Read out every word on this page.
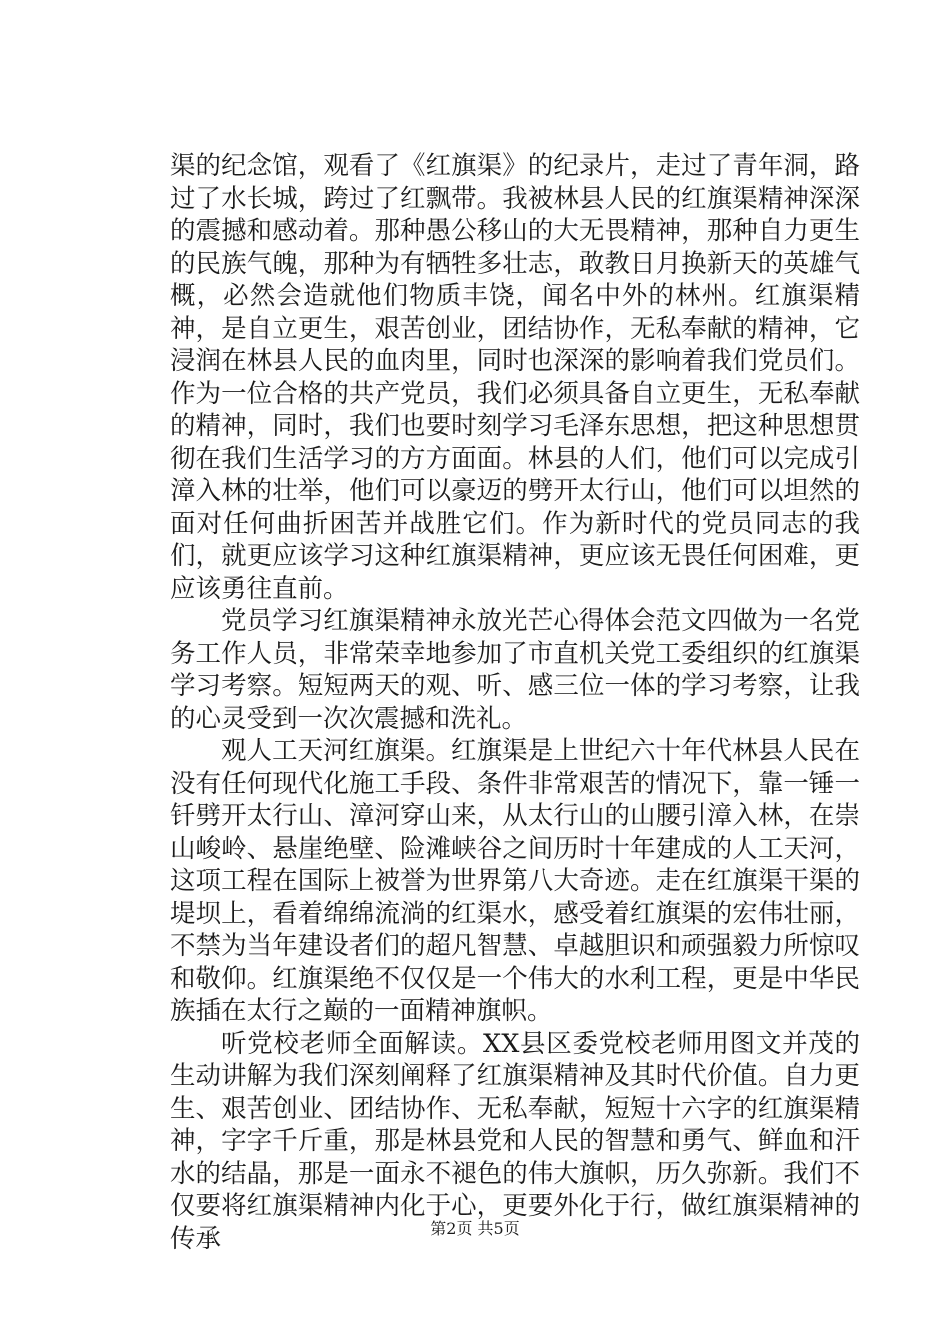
渠的纪念馆，观看了《红旗渠》的纪录片，走过了青年洞，路过了水长城，跨过了红飘带。我被林县人民的红旗渠精神深深的震撼和感动着。那种愚公移山的大无畏精神，那种自力更生的民族气魄，那种为有牺牲多壮志，敢教日月换新天的英雄气概，必然会造就他们物质丰饶，闻名中外的林州。红旗渠精神，是自立更生，艰苦创业，团结协作，无私奉献的精神，它浸润在林县人民的血肉里，同时也深深的影响着我们党员们。作为一位合格的共产党员，我们必须具备自立更生，无私奉献的精神，同时，我们也要时刻学习毛泽东思想，把这种思想贯彻在我们生活学习的方方面面。林县的人们，他们可以完成引漳入林的壮举，他们可以豪迈的劈开太行山，他们可以坦然的面对任何曲折困苦并战胜它们。作为新时代的党员同志的我们，就更应该学习这种红旗渠精神，更应该无畏任何困难，更应该勇往直前。

党员学习红旗渠精神永放光芒心得体会范文四做为一名党务工作人员，非常荣幸地参加了市直机关党工委组织的红旗渠学习考察。短短两天的观、听、感三位一体的学习考察，让我的心灵受到一次次震撼和洗礼。

观人工天河红旗渠。红旗渠是上世纪六十年代林县人民在没有任何现代化施工手段、条件非常艰苦的情况下，靠一锤一钎劈开太行山、漳河穿山来，从太行山的山腰引漳入林，在崇山峻岭、悬崖绝壁、险滩峡谷之间历时十年建成的人工天河，这项工程在国际上被誉为世界第八大奇迹。走在红旗渠干渠的堤坝上，看着绵绵流淌的红渠水，感受着红旗渠的宏伟壮丽，不禁为当年建设者们的超凡智慧、卓越胆识和顽强毅力所惊叹和敬仰。红旗渠绝不仅仅是一个伟大的水利工程，更是中华民族插在太行之巅的一面精神旗帜。

听党校老师全面解读。XX县区委党校老师用图文并茂的生动讲解为我们深刻阐释了红旗渠精神及其时代价值。自力更生、艰苦创业、团结协作、无私奉献，短短十六字的红旗渠精神，字字千斤重，那是林县党和人民的智慧和勇气、鲜血和汗水的结晶，那是一面永不褪色的伟大旗帜，历久弥新。我们不仅要将红旗渠精神内化于心，更要外化于行，做红旗渠精神的传承	第2页 共5页
